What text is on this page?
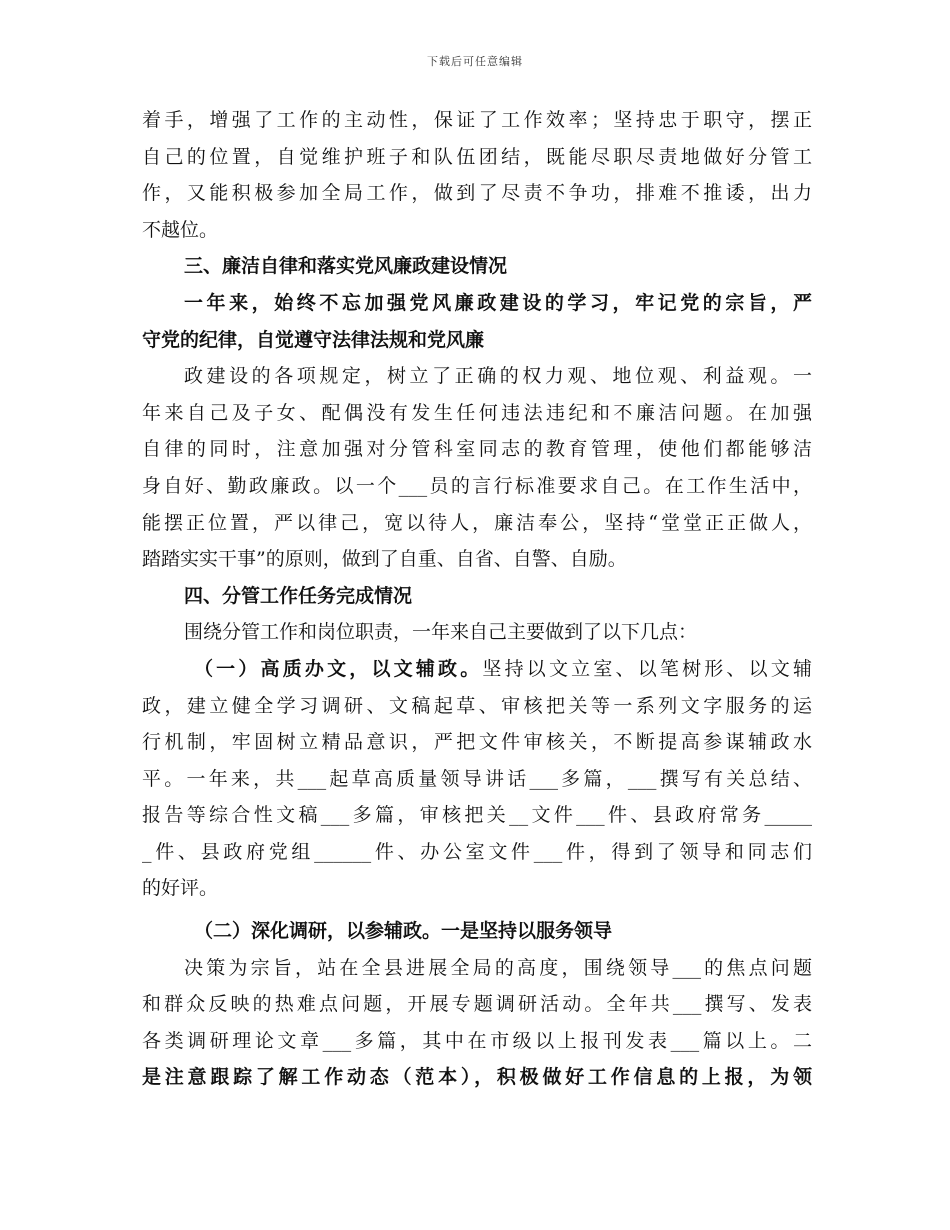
下载后可任意编辑

着手，增强了工作的主动性，保证了工作效率；坚持忠于职守，摆正

自己的位置，自觉维护班子和队伍团结，既能尽职尽责地做好分管工

作，又能积极参加全局工作，做到了尽责不争功，排难不推诿，出力

不越位。

三、廉洁自律和落实党风廉政建设情况

一年来，始终不忘加强党风廉政建设的学习，牢记党的宗旨，严

守党的纪律，自觉遵守法律法规和党风廉

政建设的各项规定，树立了正确的权力观、地位观、利益观。一

年来自己及子女、配偶没有发生任何违法违纪和不廉洁问题。在加强

自律的同时，注意加强对分管科室同志的教育管理，使他们都能够洁

身自好、勤政廉政。以一个___员的言行标准要求自己。在工作生活中，

能摆正位置，严以律己，宽以待人，廉洁奉公，坚持“堂堂正正做人，

踏踏实实干事”的原则，做到了自重、自省、自警、自励。

四、分管工作任务完成情况

围绕分管工作和岗位职责，一年来自己主要做到了以下几点：

（一）高质办文，以文辅政。坚持以文立室、以笔树形、以文辅

政，建立健全学习调研、文稿起草、审核把关等一系列文字服务的运

行机制，牢固树立精品意识，严把文件审核关，不断提高参谋辅政水

平。一年来，共___起草高质量领导讲话___多篇，___撰写有关总结、

报告等综合性文稿___多篇，审核把关__文件___件、县政府常务_____

_件、县政府党组______件、办公室文件___件，得到了领导和同志们

的好评。

（二）深化调研，以参辅政。一是坚持以服务领导

决策为宗旨，站在全县进展全局的高度，围绕领导___的焦点问题

和群众反映的热难点问题，开展专题调研活动。全年共___撰写、发表

各类调研理论文章___多篇，其中在市级以上报刊发表___篇以上。二

是注意跟踪了解工作动态（范本），积极做好工作信息的上报，为领
